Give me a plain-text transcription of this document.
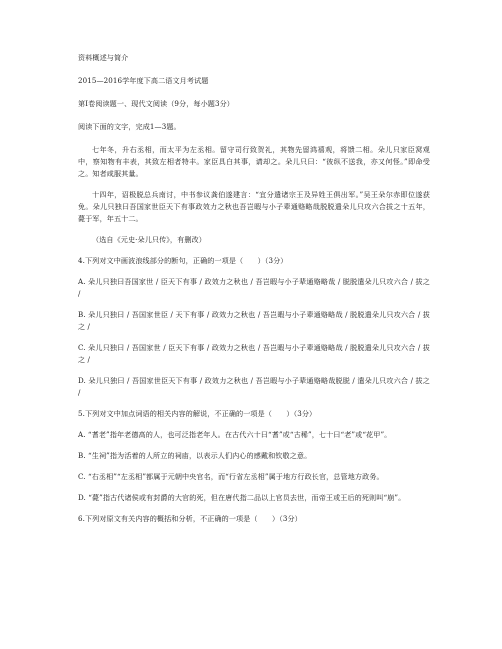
资料概述与简介

2015—2016学年度下高二语文月考试题

第Ⅰ卷阅读题一、现代文阅读（9分，每小题3分）

阅读下面的文字，完成1—3题。

七年冬，升右丞相，而太平为左丞相。留守司行致贺礼，其物先留鸿禧观，将馈二相。朵儿只家臣窝观中，察知物有丰表，其致左相者特丰。家臣具白其事，请却之。朵儿只曰：“彼纵不送我，亦又何怪。”即命受之。知者咸服其量。

十四年，诏极脱总兵南讨，中书参议龚伯遂建言：“宜分遣诸宗王及异姓王俱出军。”吴王朵尔赤即位遂获免。朵儿只独曰吾国家世臣天下有事政效力之秋也吾岂暇与小子辈通赂略哉脱脱遣朵儿只攻六合拔之十五年，薨于军，年五十二。

（选自《元史·朵儿只传》，有删改）

4.下列对文中画波浪线部分的断句，正确的一项是（　　）（3分）

A. 朵儿只独曰吾国家世 / 臣天下有事 / 政效力之秋也 / 吾岂暇与小子辈通赂略哉 / 脱脱遣朵儿只攻六合 / 拔之 /

B. 朵儿只独曰 / 吾国家世臣 / 天下有事 / 政效力之秋也 / 吾岂暇与小子辈通赂略哉 / 脱脱遣朵儿只攻六合 / 拔之 /

C. 朵儿只独曰 / 吾国家世 / 臣天下有事 / 政效力之秋也 / 吾岂暇与小子辈通赂略哉 / 脱脱遣朵儿只攻六合 / 拔之 /

D. 朵儿只独曰 / 吾国家世臣天下有事 / 政效力之秋也 / 吾岂暇与小子辈通赂略哉脱脱 / 遣朵儿只攻六合 / 拔之 /

5.下列对文中加点词语的相关内容的解说，不正确的一项是（　　）（3分）

A. “耆老”指年老德高的人，也可泛指老年人。在古代六十曰“耆”或“古稀”，七十曰“老”或“花甲”。

B. “生祠”指为活着的人所立的祠庙，以表示人们内心的感戴和钦敬之意。

C. “右丞相”“左丞相”都属于元朝中央官名，而“行省左丞相”属于地方行政长官，总管地方政务。

D. “薨”指古代诸侯或有封爵的大官的死，但在唐代指二品以上官员去世，而帝王或王后的死则叫“崩”。

6.下列对原文有关内容的概括和分析，不正确的一项是（　　）（3分）
